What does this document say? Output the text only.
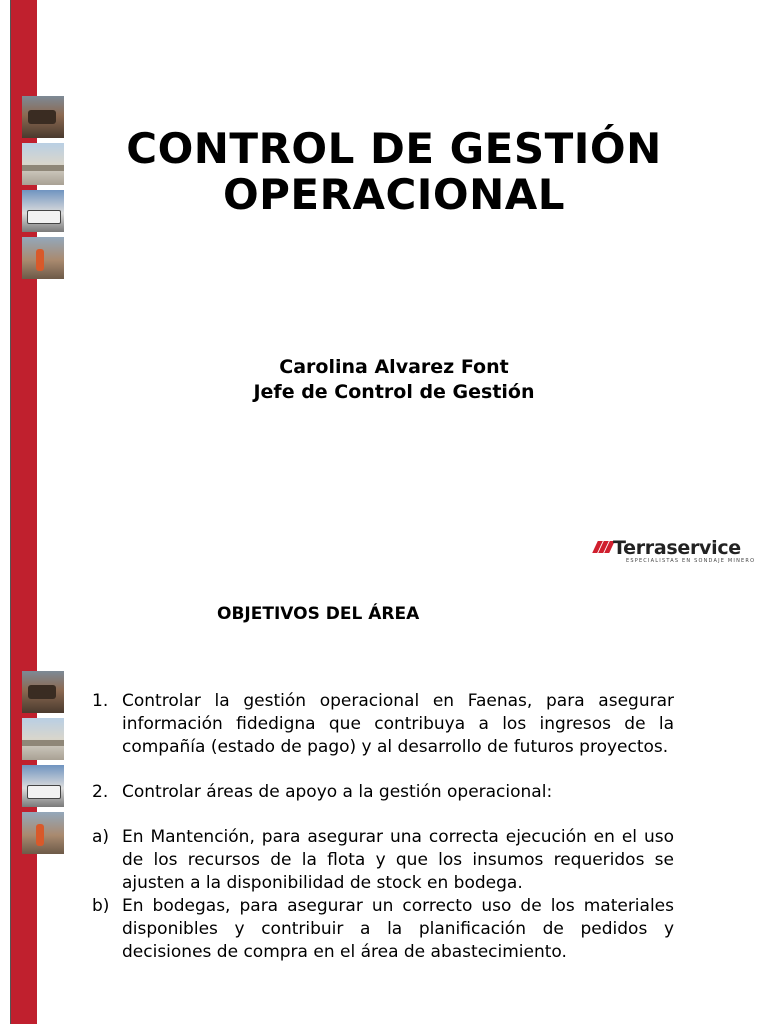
CONTROL DE GESTIÓN
OPERACIONAL
Carolina Alvarez Font
Jefe de Control de Gestión
Terraservice
ESPECIALISTAS EN SONDAJE MINERO
OBJETIVOS DEL ÁREA
1. Controlar la gestión operacional en Faenas, para asegurar información fidedigna que contribuya a los ingresos de la compañía (estado de pago) y al desarrollo de futuros proyectos.

2. Controlar áreas de apoyo a la gestión operacional:

a) En Mantención, para asegurar una correcta ejecución en el uso de los recursos de la flota y que los insumos requeridos se ajusten a la disponibilidad de stock en bodega.

b) En bodegas, para asegurar un correcto uso de los materiales disponibles y contribuir a la planificación de pedidos y decisiones de compra en el área de abastecimiento.
